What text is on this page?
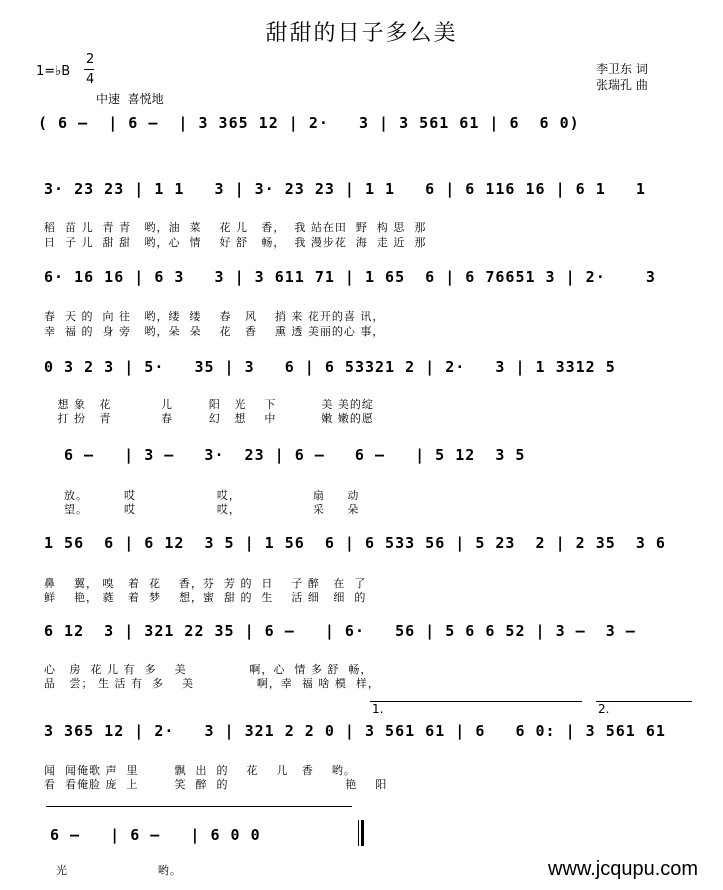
甜甜的日子多么美
1=♭B
2
4
中速  喜悦地
李卫东 词
张瑞孔 曲
( 6 –  | 6 –  | 3 365 12 | 2·   3 | 3 561 61 | 6  6 0)
3· 23 23 | 1 1   3 | 3· 23 23 | 1 1   6 | 6 116 16 | 6 1   1
稻  苗 儿  青 青   哟，油  菜    花 儿   香，  我 站在田  野  构 思  那
日  子 儿  甜 甜   哟，心  情    好 舒   畅，  我 漫步花  海  走 近  那
6· 16 16 | 6 3   3 | 3 611 71 | 1 65  6 | 6 76651 3 | 2·    3
春  天 的  向 往   哟，缕  缕    春   风    捎 来 花开的喜 讯，
幸  福 的  身 旁   哟，朵  朵    花   香    熏 透 美丽的心 事，
0 3 2 3 | 5·   35 | 3   6 | 6 53321 2 | 2·   3 | 1 3312 5
想 象   花           儿        阳   光    下          美 美的绽
打 扮   青           春        幻   想    中          嫩 嫩的愿
6 –   | 3 –   3·  23 | 6 –   6 –   | 5 12  3 5
放。        哎                  哎，                扇     动
望。        哎                  哎，                采     朵
1 56  6 | 6 12  3 5 | 1 56  6 | 6 533 56 | 5 23  2 | 2 35  3 6
鼻    翼， 嗅   着  花    香，芬  芳 的  日    子 醉   在  了
鲜    艳， 蕤   着  梦    想，蜜  甜 的  生    活 细   细  的
6 12  3 | 321 22 35 | 6 –   | 6·   56 | 5 6 6 52 | 3 –  3 –
心   房  花 儿 有  多    美              啊，心  情 多 舒  畅，
品   尝； 生 活 有  多    美              啊，幸  福 啥 模  样，
1.	2.
3 365 12 | 2·   3 | 321 2 2 0 | 3 561 61 | 6   6 0: | 3 561 61
闻  闻俺歌 声  里        飘  出  的    花    儿   香    哟。
看  看俺脸 庞  上        笑  醉  的                          艳    阳
6 –   | 6 –   | 6 0 0
光                    哟。	www.jcqupu.com
